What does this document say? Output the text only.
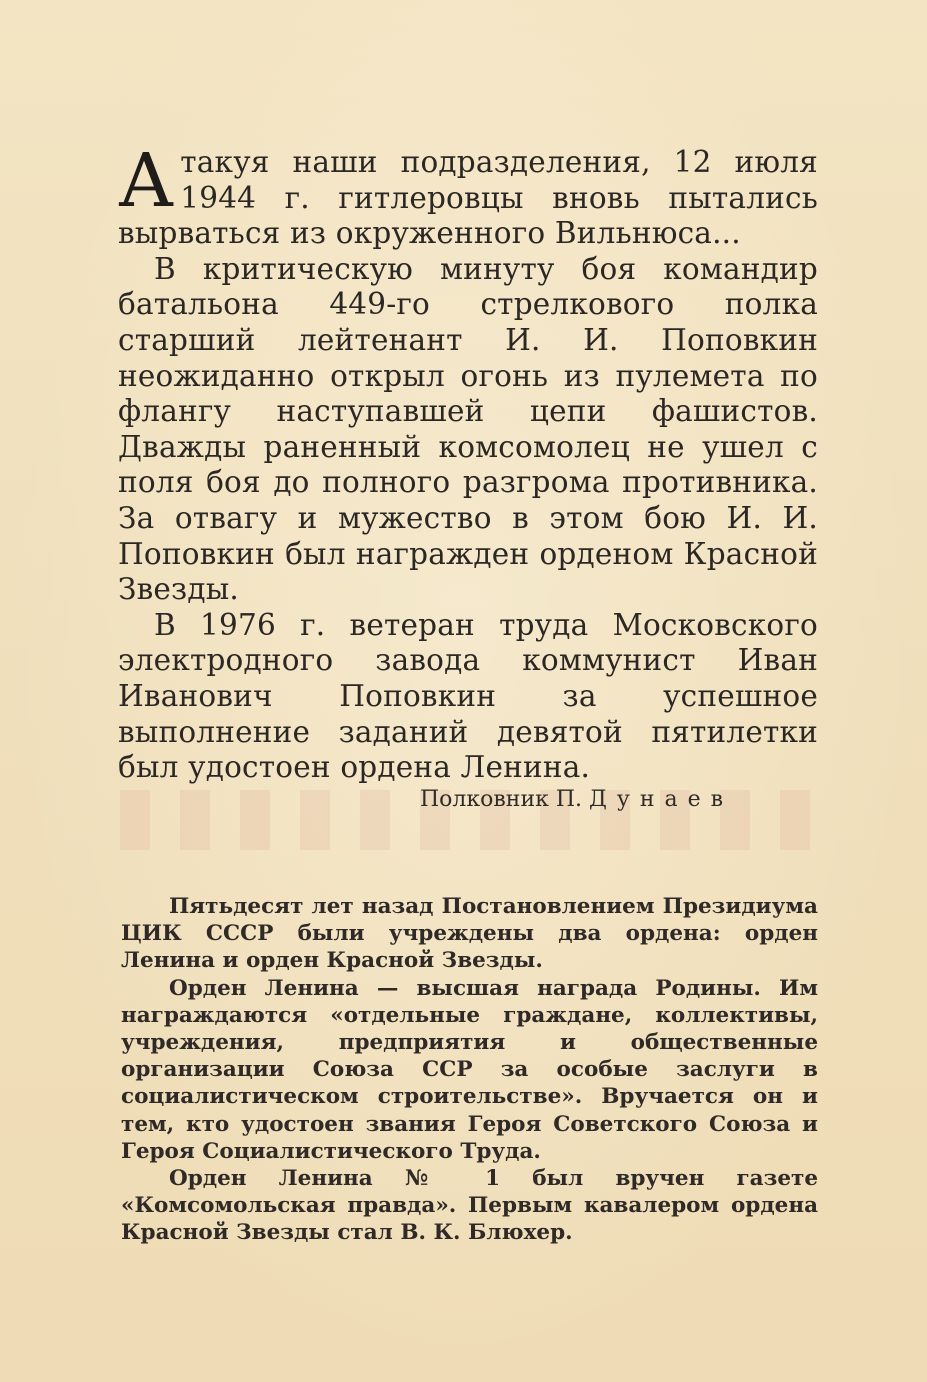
Атакуя наши подразделения, 12 июля 1944 г. гитлеровцы вновь пытались вырваться из окруженного Вильнюса...

В критическую минуту боя командир батальона 449-го стрелкового полка старший лейтенант И. И. Поповкин неожиданно открыл огонь из пулемета по флангу наступавшей цепи фашистов. Дважды раненный комсомолец не ушел с поля боя до полного разгрома противника. За отвагу и мужество в этом бою И. И. Поповкин был награжден орденом Красной Звезды.

В 1976 г. ветеран труда Московского электродного завода коммунист Иван Иванович Поповкин за успешное выполнение заданий девятой пятилетки был удостоен ордена Ленина.

Полковник П. Дунаев

Пятьдесят лет назад Постановлением Президиума ЦИК СССР были учреждены два ордена: орден Ленина и орден Красной Звезды.

Орден Ленина — высшая награда Родины. Им награждаются «отдельные граждане, коллективы, учреждения, предприятия и общественные организации Союза ССР за особые заслуги в социалистическом строительстве». Вручается он и тем, кто удостоен звания Героя Советского Союза и Героя Социалистического Труда.

Орден Ленина № 1 был вручен газете «Комсомольская правда». Первым кавалером ордена Красной Звезды стал В. К. Блюхер.
